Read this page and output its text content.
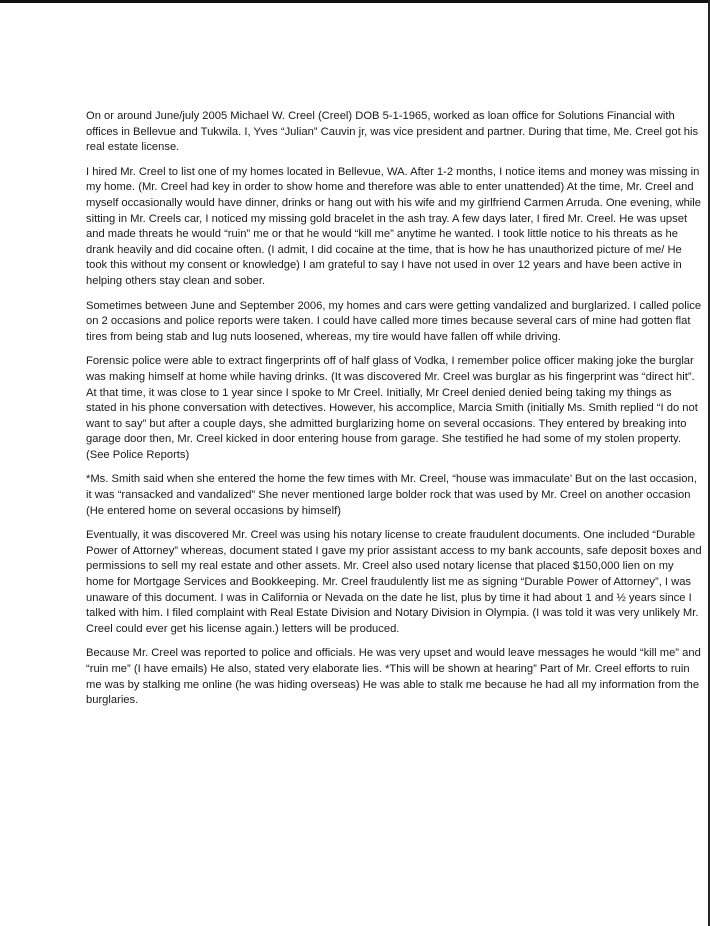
On or around June/july 2005 Michael W. Creel (Creel) DOB 5-1-1965, worked as loan office for Solutions Financial with offices in Bellevue and Tukwila. I, Yves “Julian” Cauvin jr, was vice president and partner. During that time, Me. Creel got his real estate license.

I hired Mr. Creel to list one of my homes located in Bellevue, WA. After 1-2 months, I notice items and money was missing in my home. (Mr. Creel had key in order to show home and therefore was able to enter unattended) At the time, Mr. Creel and myself occasionally would have dinner, drinks or hang out with his wife and my girlfriend Carmen Arruda. One evening, while sitting in Mr. Creels car, I noticed my missing gold bracelet in the ash tray. A few days later, I fired Mr. Creel. He was upset and made threats he would “ruin” me or that he would “kill me” anytime he wanted. I took little notice to his threats as he drank heavily and did cocaine often. (I admit, I did cocaine at the time, that is how he has unauthorized picture of me/ He took this without my consent or knowledge) I am grateful to say I have not used in over 12 years and have been active in helping others stay clean and sober.

Sometimes between June and September 2006, my homes and cars were getting vandalized and burglarized. I called police on 2 occasions and police reports were taken. I could have called more times because several cars of mine had gotten flat tires from being stab and lug nuts loosened, whereas, my tire would have fallen off while driving.

Forensic police were able to extract fingerprints off of half glass of Vodka, I remember police officer making joke the burglar was making himself at home while having drinks. (It was discovered Mr. Creel was burglar as his fingerprint was “direct hit”. At that time, it was close to 1 year since I spoke to Mr Creel. Initially, Mr Creel denied denied being taking my things as stated in his phone conversation with detectives. However, his accomplice, Marcia Smith (initially Ms. Smith replied “I do not want to say” but after a couple days, she admitted burglarizing home on several occasions. They entered by breaking into garage door then, Mr. Creel kicked in door entering house from garage. She testified he had some of my stolen property. (See Police Reports)

*Ms. Smith said when she entered the home the few times with Mr. Creel, “house was immaculate’ But on the last occasion, it was “ransacked and vandalized” She never mentioned large bolder rock that was used by Mr. Creel on another occasion (He entered home on several occasions by himself)

Eventually, it was discovered Mr. Creel was using his notary license to create fraudulent documents. One included “Durable Power of Attorney” whereas, document stated I gave my prior assistant access to my bank accounts, safe deposit boxes and permissions to sell my real estate and other assets. Mr. Creel also used notary license that placed $150,000 lien on my home for Mortgage Services and Bookkeeping. Mr. Creel fraudulently list me as signing “Durable Power of Attorney”, I was unaware of this document. I was in California or Nevada on the date he list, plus by time it had about 1 and ½ years since I talked with him. I filed complaint with Real Estate Division and Notary Division in Olympia. (I was told it was very unlikely Mr. Creel could ever get his license again.) letters will be produced.

Because Mr. Creel was reported to police and officials. He was very upset and would leave messages he would “kill me” and “ruin me” (I have emails) He also, stated very elaborate lies. *This will be shown at hearing” Part of Mr. Creel efforts to ruin me was by stalking me online (he was hiding overseas) He was able to stalk me because he had all my information from the burglaries.
